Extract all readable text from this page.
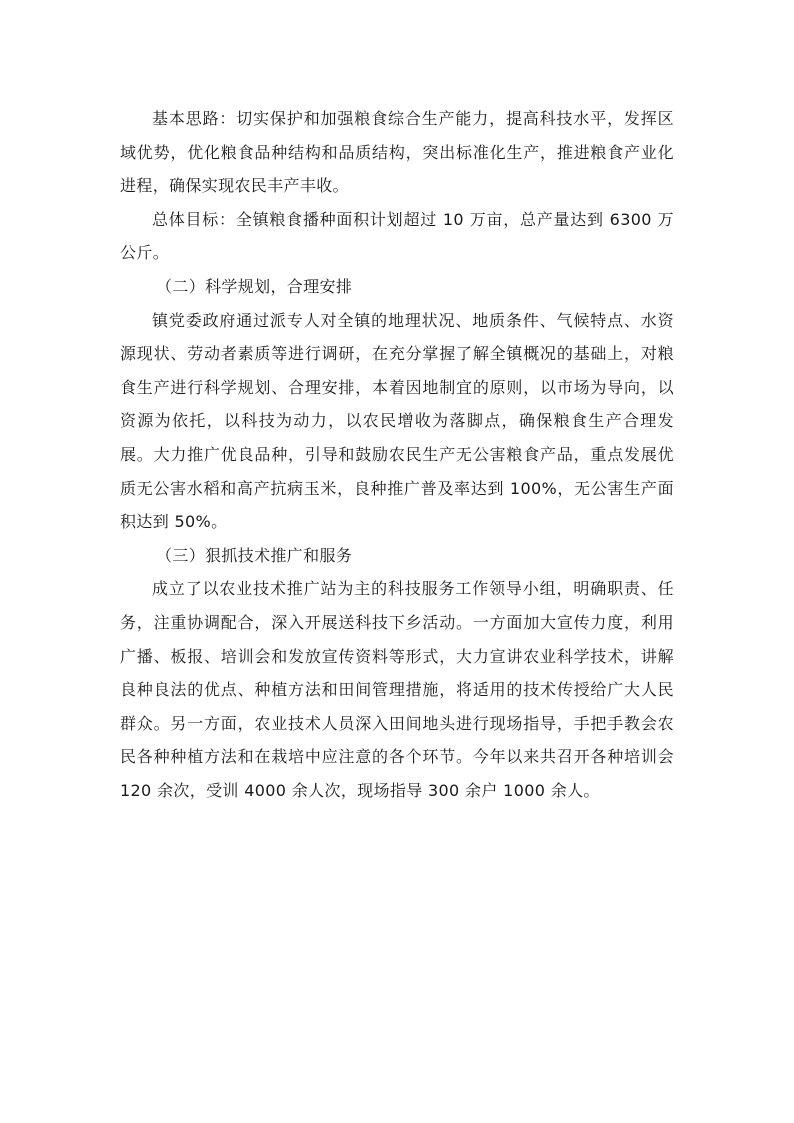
基本思路：切实保护和加强粮食综合生产能力，提高科技水平，发挥区域优势，优化粮食品种结构和品质结构，突出标准化生产，推进粮食产业化进程，确保实现农民丰产丰收。

总体目标：全镇粮食播种面积计划超过 10 万亩，总产量达到 6300 万公斤。

（二）科学规划，合理安排

镇党委政府通过派专人对全镇的地理状况、地质条件、气候特点、水资源现状、劳动者素质等进行调研，在充分掌握了解全镇概况的基础上，对粮食生产进行科学规划、合理安排，本着因地制宜的原则，以市场为导向，以资源为依托，以科技为动力，以农民增收为落脚点，确保粮食生产合理发展。大力推广优良品种，引导和鼓励农民生产无公害粮食产品，重点发展优质无公害水稻和高产抗病玉米，良种推广普及率达到 100%，无公害生产面积达到 50%。

（三）狠抓技术推广和服务

成立了以农业技术推广站为主的科技服务工作领导小组，明确职责、任务，注重协调配合，深入开展送科技下乡活动。一方面加大宣传力度，利用广播、板报、培训会和发放宣传资料等形式，大力宣讲农业科学技术，讲解良种良法的优点、种植方法和田间管理措施，将适用的技术传授给广大人民群众。另一方面，农业技术人员深入田间地头进行现场指导，手把手教会农民各种种植方法和在栽培中应注意的各个环节。今年以来共召开各种培训会 120 余次，受训 4000 余人次，现场指导 300 余户 1000 余人。
